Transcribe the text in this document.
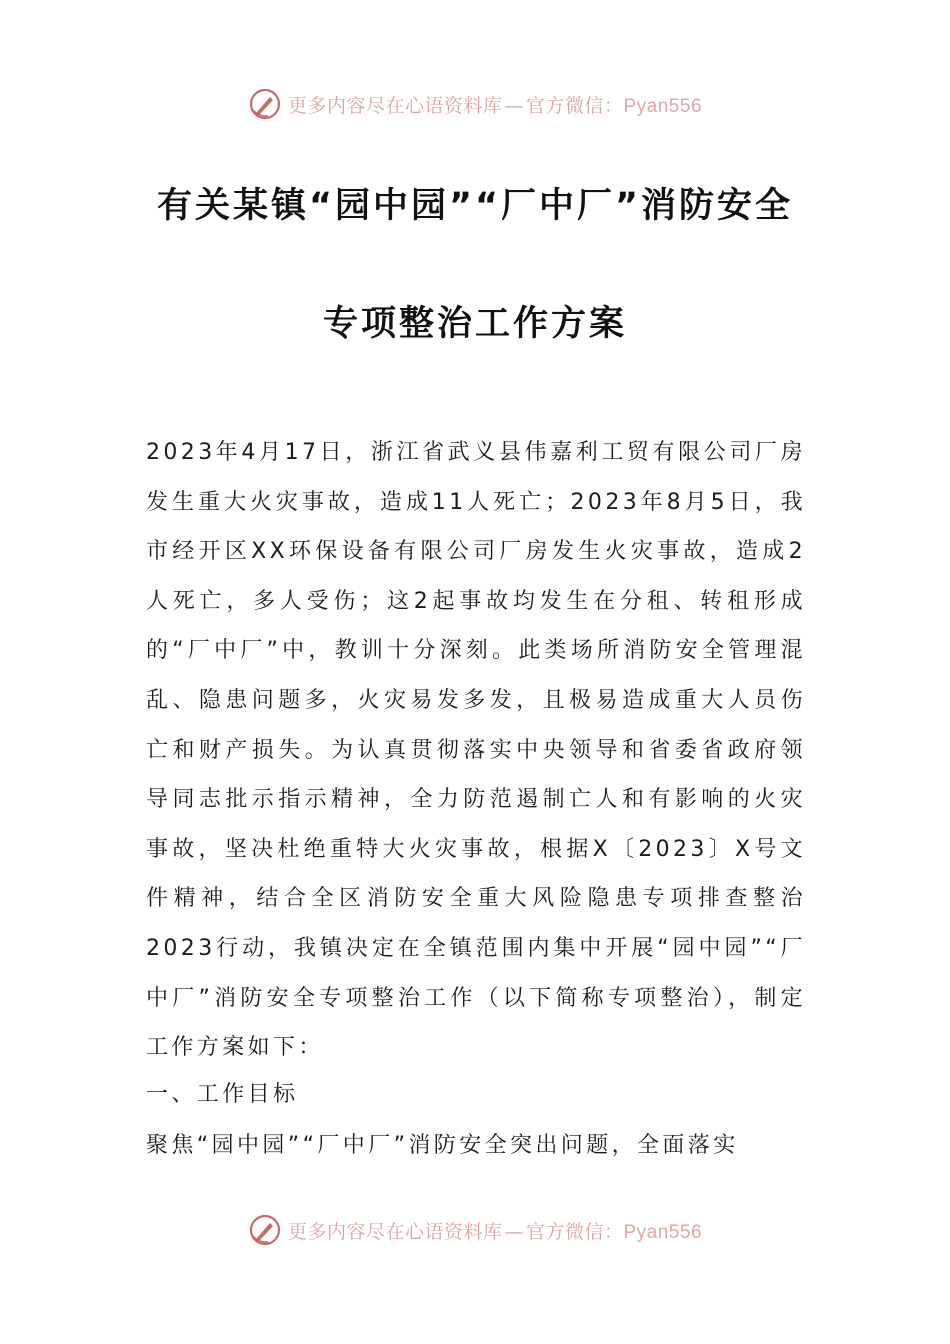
更多内容尽在心语资料库 — 官方微信：Pyan556
有关某镇“园中园”“厂中厂”消防安全
专项整治工作方案

2023年4月17日，浙江省武义县伟嘉利工贸有限公司厂房发生重大火灾事故，造成11人死亡；2023年8月5日，我市经开区XX环保设备有限公司厂房发生火灾事故，造成2人死亡，多人受伤；这2起事故均发生在分租、转租形成的“厂中厂”中，教训十分深刻。此类场所消防安全管理混乱、隐患问题多，火灾易发多发，且极易造成重大人员伤亡和财产损失。为认真贯彻落实中央领导和省委省政府领导同志批示指示精神，全力防范遏制亡人和有影响的火灾事故，坚决杜绝重特大火灾事故，根据X〔2023〕X号文件精神，结合全区消防安全重大风险隐患专项排查整治2023行动，我镇决定在全镇范围内集中开展“园中园”“厂中厂”消防安全专项整治工作（以下简称专项整治），制定工作方案如下：

一、工作目标
聚焦“园中园”“厂中厂”消防安全突出问题，全面落实
更多内容尽在心语资料库 — 官方微信：Pyan556
